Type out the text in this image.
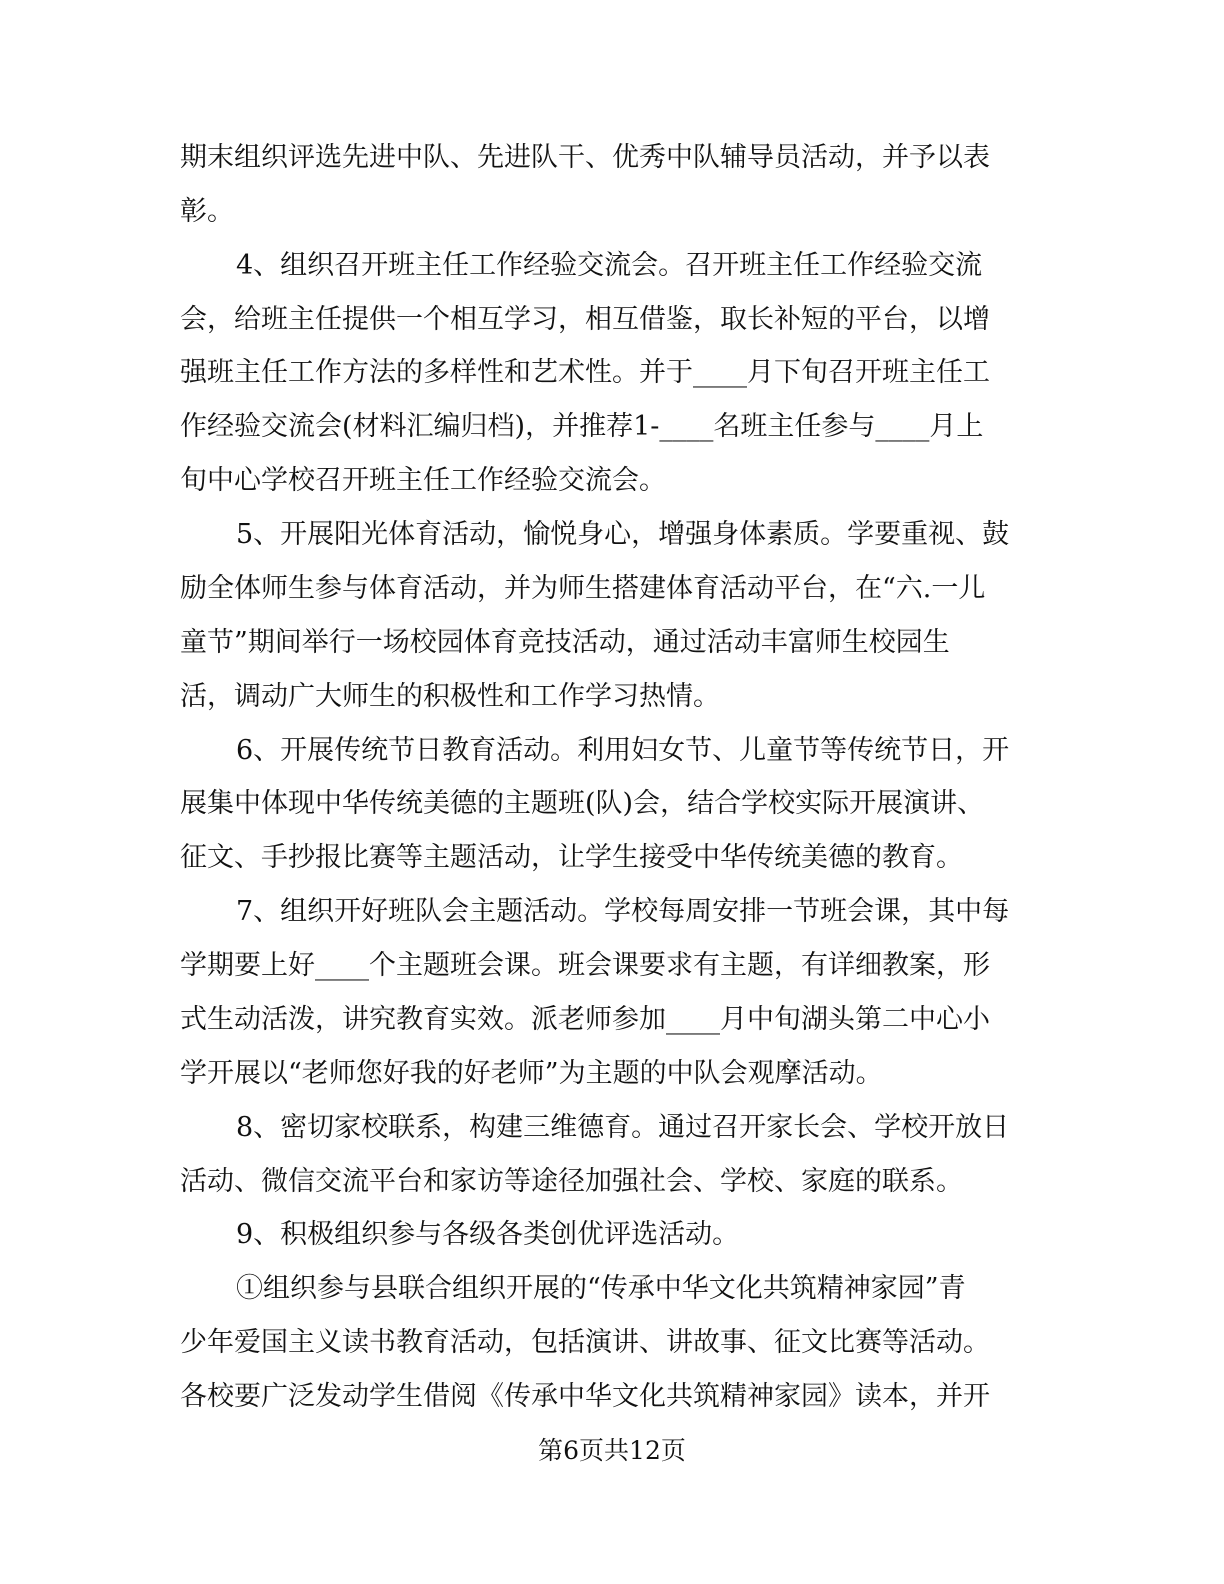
期末组织评选先进中队、先进队干、优秀中队辅导员活动，并予以表
彰。
4、组织召开班主任工作经验交流会。召开班主任工作经验交流
会，给班主任提供一个相互学习，相互借鉴，取长补短的平台，以增
强班主任工作方法的多样性和艺术性。并于____月下旬召开班主任工
作经验交流会(材料汇编归档)，并推荐1-____名班主任参与____月上
旬中心学校召开班主任工作经验交流会。
5、开展阳光体育活动，愉悦身心，增强身体素质。学要重视、鼓
励全体师生参与体育活动，并为师生搭建体育活动平台，在“六.一儿
童节”期间举行一场校园体育竞技活动，通过活动丰富师生校园生
活，调动广大师生的积极性和工作学习热情。
6、开展传统节日教育活动。利用妇女节、儿童节等传统节日，开
展集中体现中华传统美德的主题班(队)会，结合学校实际开展演讲、
征文、手抄报比赛等主题活动，让学生接受中华传统美德的教育。
7、组织开好班队会主题活动。学校每周安排一节班会课，其中每
学期要上好____个主题班会课。班会课要求有主题，有详细教案，形
式生动活泼，讲究教育实效。派老师参加____月中旬湖头第二中心小
学开展以“老师您好我的好老师”为主题的中队会观摩活动。
8、密切家校联系，构建三维德育。通过召开家长会、学校开放日
活动、微信交流平台和家访等途径加强社会、学校、家庭的联系。
9、积极组织参与各级各类创优评选活动。
①组织参与县联合组织开展的“传承中华文化共筑精神家园”青
少年爱国主义读书教育活动，包括演讲、讲故事、征文比赛等活动。
各校要广泛发动学生借阅《传承中华文化共筑精神家园》读本，并开
第6页共12页
